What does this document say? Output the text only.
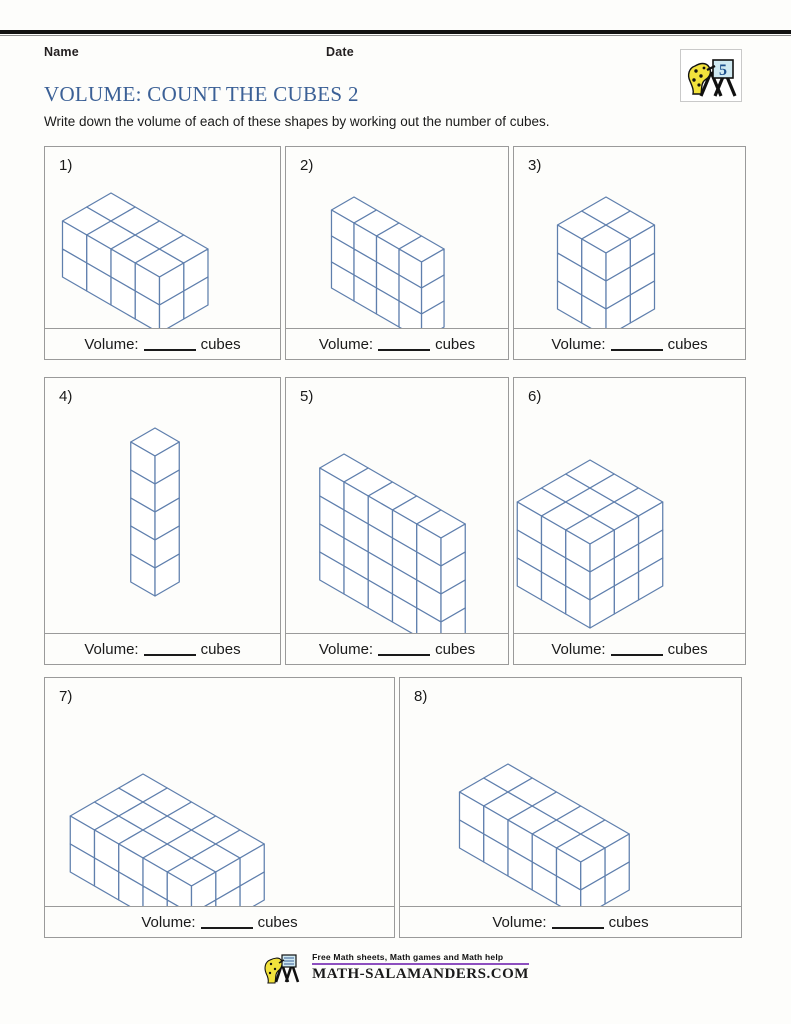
Name	Date
5
VOLUME: COUNT THE CUBES 2
Write down the volume of each of these shapes by working out the number of cubes.
1)
Volume:	cubes
2)
Volume:	cubes
3)
Volume:	cubes
4)
Volume:	cubes
5)
Volume:	cubes
6)
Volume:	cubes
7)
Volume:	cubes
8)
Volume:	cubes
Free Math sheets, Math games and Math help
MATH-SALAMANDERS.COM
